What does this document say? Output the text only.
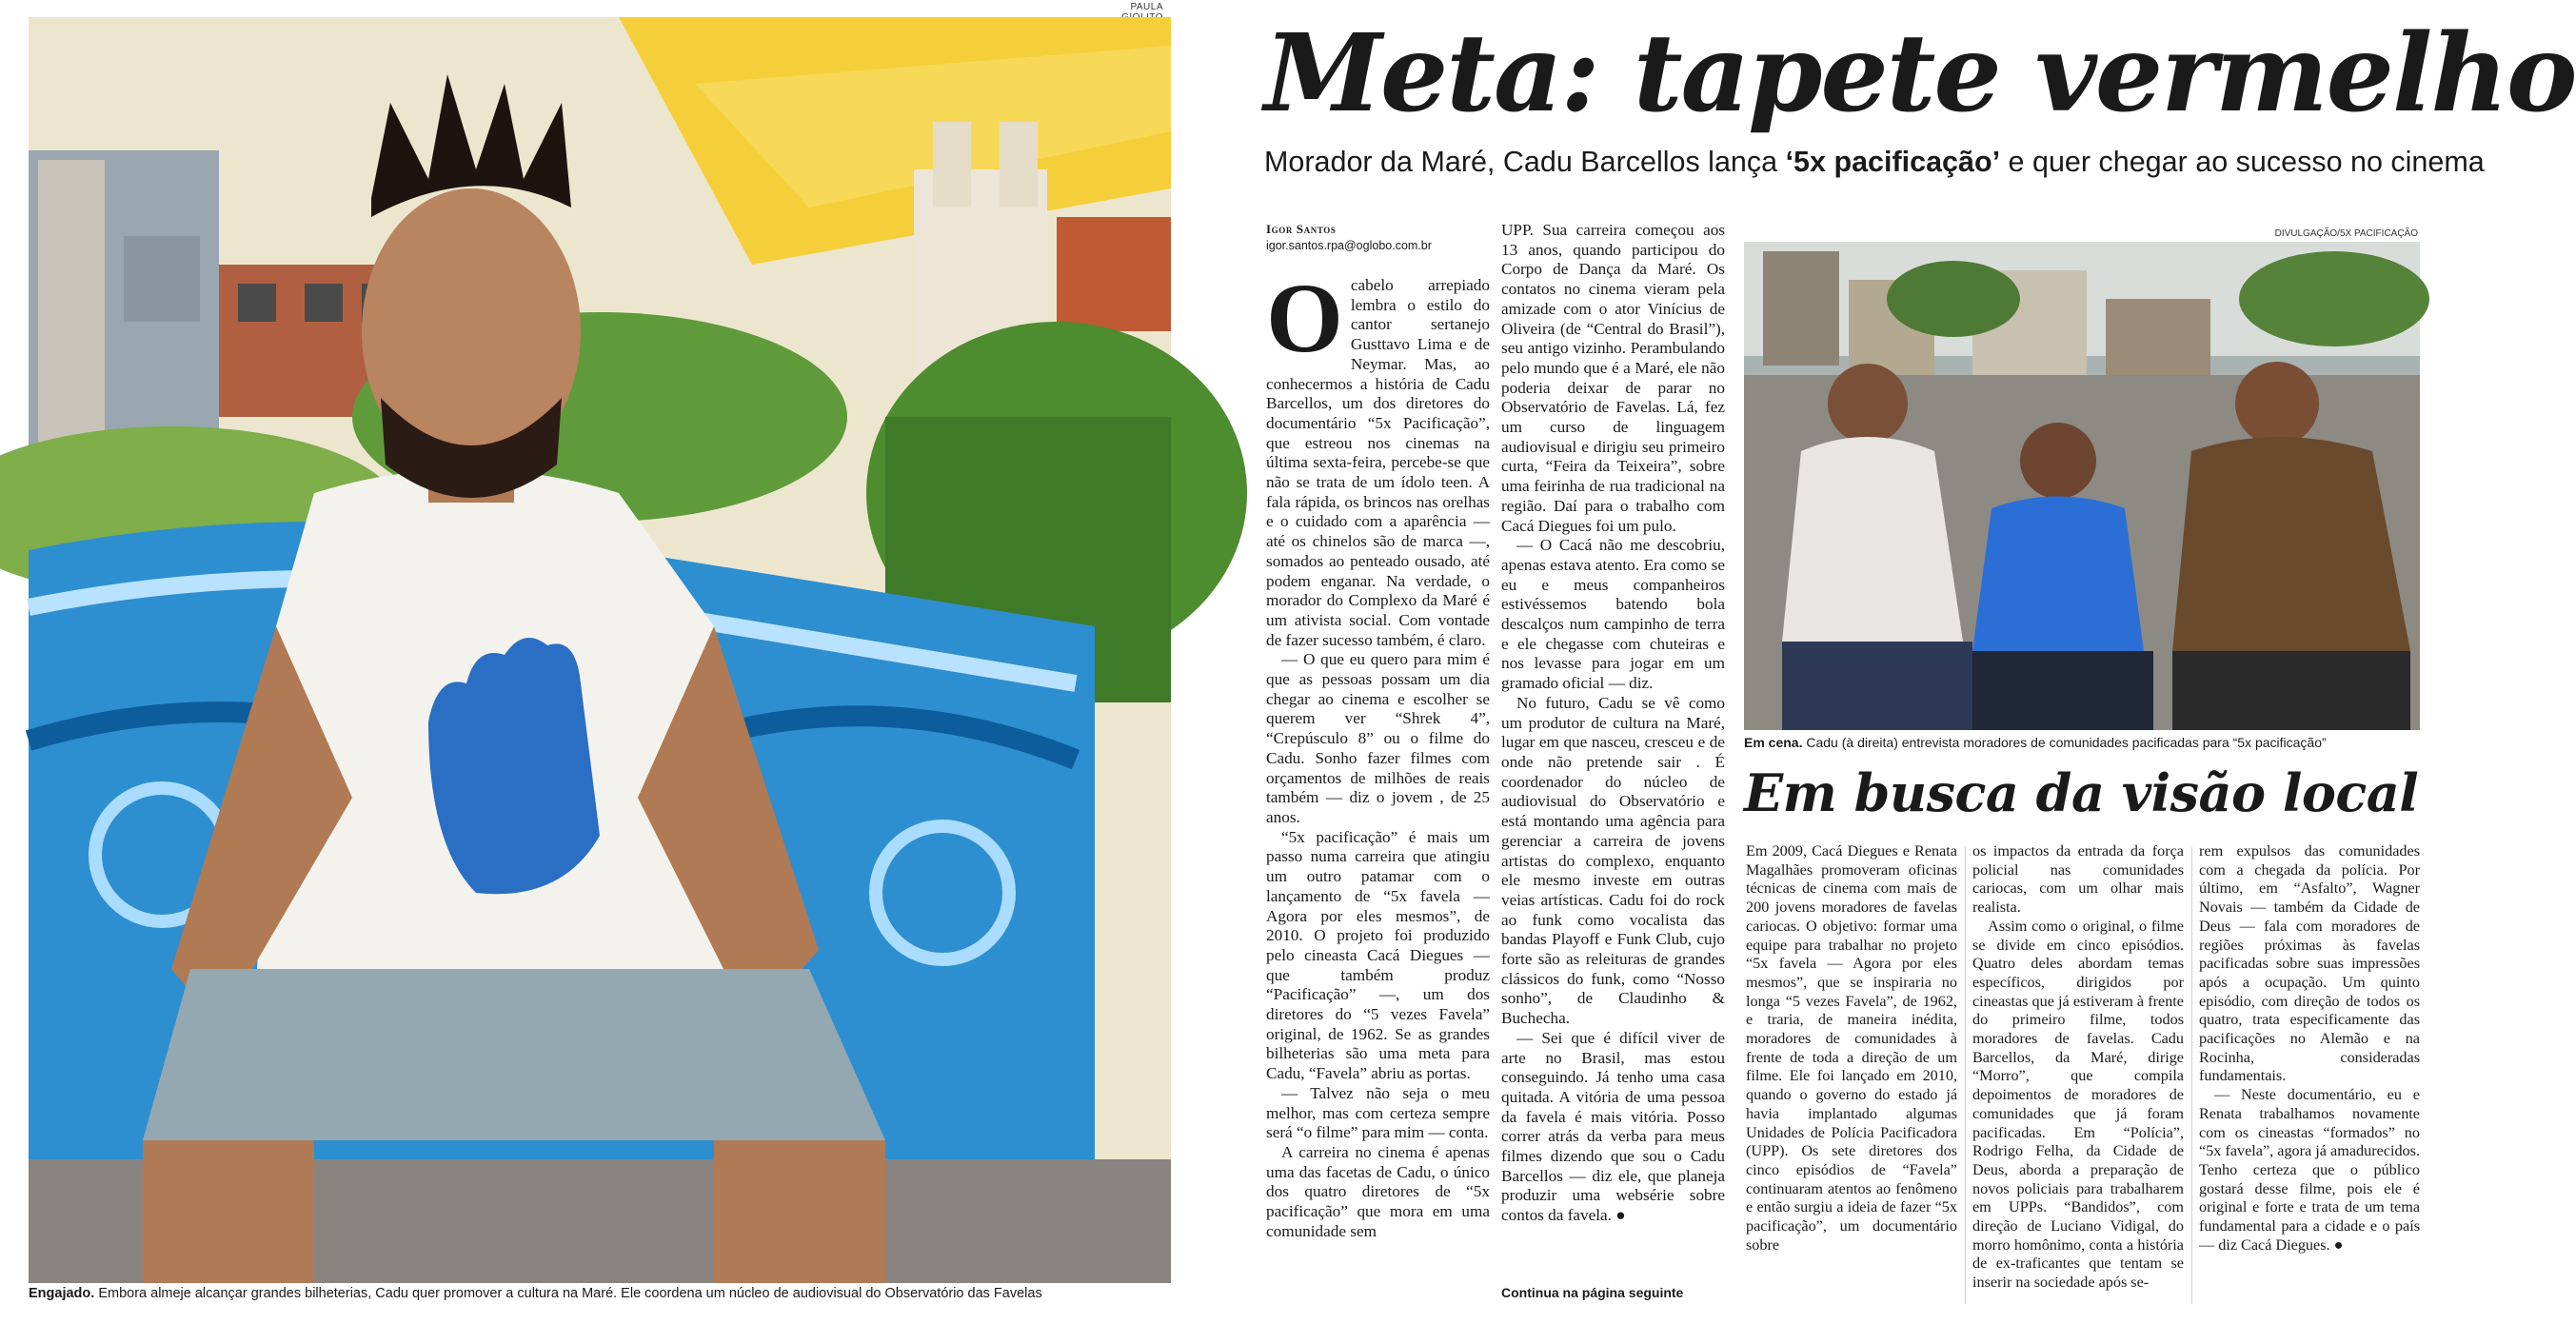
PAULA
Engajado. Embora almeje alcançar grandes bilheterias, Cadu quer promover a cultura na Maré. Ele coordena um núcleo de audiovisual do Observatório das Favelas
Meta: tapete vermelho
Morador da Maré, Cadu Barcellos lança ‘5x pacificação’ e quer chegar ao sucesso no cinema
Igor Santos
igor.santos.rpa@oglobo.com.br
O cabelo arrepiado lembra o estilo do cantor sertanejo Gusttavo Lima e de Neymar. Mas, ao conhecermos a história de Cadu Barcellos, um dos diretores do documentário “5x Pacificação”, que estreou nos cinemas na última sexta-feira, percebe-se que não se trata de um ídolo teen. A fala rápida, os brincos nas orelhas e o cuidado com a aparência — até os chinelos são de marca —, somados ao penteado ousado, até podem enganar. Na verdade, o morador do Complexo da Maré é um ativista social. Com vontade de fazer sucesso também, é claro.

— O que eu quero para mim é que as pessoas possam um dia chegar ao cinema e escolher se querem ver “Shrek 4”, “Crepúsculo 8” ou o filme do Cadu. Sonho fazer filmes com orçamentos de milhões de reais também — diz o jovem , de 25 anos.

“5x pacificação” é mais um passo numa carreira que atingiu um outro patamar com o lançamento de “5x favela — Agora por eles mesmos”, de 2010. O projeto foi produzido pelo cineasta Cacá Diegues — que também produz “Pacificação” —, um dos diretores do “5 vezes Favela” original, de 1962. Se as grandes bilheterias são uma meta para Cadu, “Favela” abriu as portas.

— Talvez não seja o meu melhor, mas com certeza sempre será “o filme” para mim — conta.

A carreira no cinema é apenas uma das facetas de Cadu, o único dos quatro diretores de “5x pacificação” que mora em uma comunidade sem

UPP. Sua carreira começou aos 13 anos, quando participou do Corpo de Dança da Maré. Os contatos no cinema vieram pela amizade com o ator Vinícius de Oliveira (de “Central do Brasil”), seu antigo vizinho. Perambulando pelo mundo que é a Maré, ele não poderia deixar de parar no Observatório de Favelas. Lá, fez um curso de linguagem audiovisual e dirigiu seu primeiro curta, “Feira da Teixeira”, sobre uma feirinha de rua tradicional na região. Daí para o trabalho com Cacá Diegues foi um pulo.

— O Cacá não me descobriu, apenas estava atento. Era como se eu e meus companheiros estivéssemos batendo bola descalços num campinho de terra e ele chegasse com chuteiras e nos levasse para jogar em um gramado oficial — diz.

No futuro, Cadu se vê como um produtor de cultura na Maré, lugar em que nasceu, cresceu e de onde não pretende sair . É coordenador do núcleo de audiovisual do Observatório e está montando uma agência para gerenciar a carreira de jovens artistas do complexo, enquanto ele mesmo investe em outras veias artísticas. Cadu foi do rock ao funk como vocalista das bandas Playoff e Funk Club, cujo forte são as releituras de grandes clássicos do funk, como “Nosso sonho”, de Claudinho & Buchecha.

— Sei que é difícil viver de arte no Brasil, mas estou conseguindo. Já tenho uma casa quitada. A vitória de uma pessoa da favela é mais vitória. Posso correr atrás da verba para meus filmes dizendo que sou o Cadu Barcellos — diz ele, que planeja produzir uma websérie sobre contos da favela. ●

Continua na página seguinte
DIVULGAÇÃO/5X PACIFICAÇÃO
Em cena. Cadu (à direita) entrevista moradores de comunidades pacificadas para “5x pacificação”
Em busca da visão local

Em 2009, Cacá Diegues e Renata Magalhães promoveram oficinas técnicas de cinema com mais de 200 jovens moradores de favelas cariocas. O objetivo: formar uma equipe para trabalhar no projeto “5x favela — Agora por eles mesmos”, que se inspiraria no longa “5 vezes Favela”, de 1962, e traria, de maneira inédita, moradores de comunidades à frente de toda a direção de um filme. Ele foi lançado em 2010, quando o governo do estado já havia implantado algumas Unidades de Polícia Pacificadora (UPP). Os sete diretores dos cinco episódios de “Favela” continuaram atentos ao fenômeno e então surgiu a ideia de fazer “5x pacificação”, um documentário sobre

os impactos da entrada da força policial nas comunidades cariocas, com um olhar mais realista.

Assim como o original, o filme se divide em cinco episódios. Quatro deles abordam temas específicos, dirigidos por cineastas que já estiveram à frente do primeiro filme, todos moradores de favelas. Cadu Barcellos, da Maré, dirige “Morro”, que compila depoimentos de moradores de comunidades que já foram pacificadas. Em “Polícia”, Rodrigo Felha, da Cidade de Deus, aborda a preparação de novos policiais para trabalharem em UPPs. “Bandidos”, com direção de Luciano Vidigal, do morro homônimo, conta a história de ex-traficantes que tentam se inserir na sociedade após se-

rem expulsos das comunidades com a chegada da polícia. Por último, em “Asfalto”, Wagner Novais — também da Cidade de Deus — fala com moradores de regiões próximas às favelas pacificadas sobre suas impressões após a ocupação. Um quinto episódio, com direção de todos os quatro, trata especificamente das pacificações no Alemão e na Rocinha, consideradas fundamentais.

— Neste documentário, eu e Renata trabalhamos novamente com os cineastas “formados” no “5x favela”, agora já amadurecidos. Tenho certeza que o público gostará desse filme, pois ele é original e forte e trata de um tema fundamental para a cidade e o país — diz Cacá Diegues. ●
